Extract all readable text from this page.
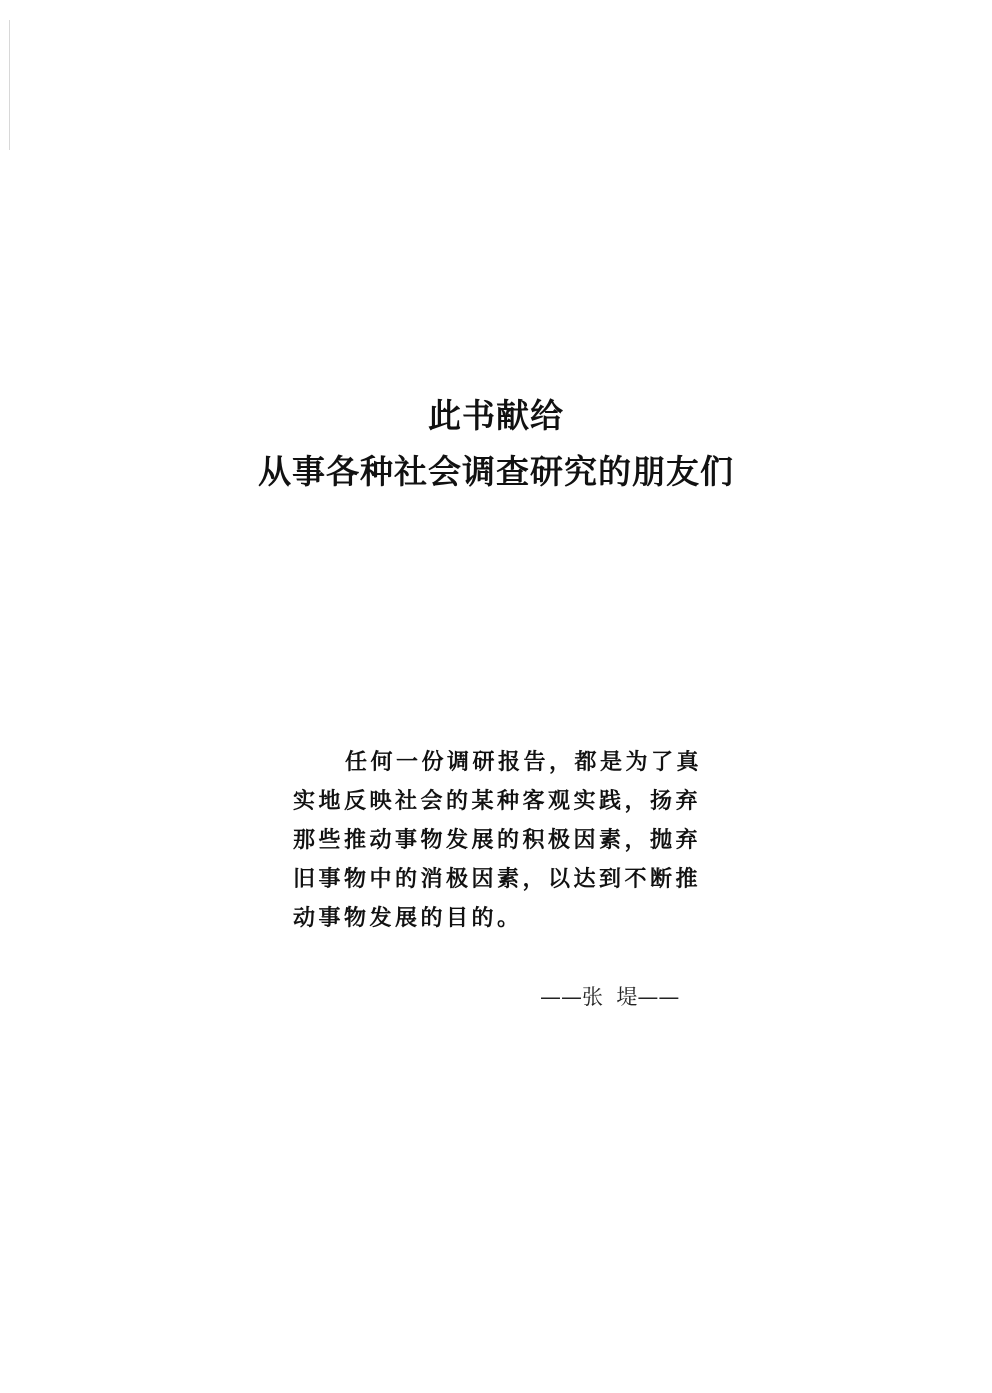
此书献给
从事各种社会调查研究的朋友们
任何一份调研报告，都是为了真
实地反映社会的某种客观实践，扬弃
那些推动事物发展的积极因素，抛弃
旧事物中的消极因素，以达到不断推
动事物发展的目的。
——张  堤——
